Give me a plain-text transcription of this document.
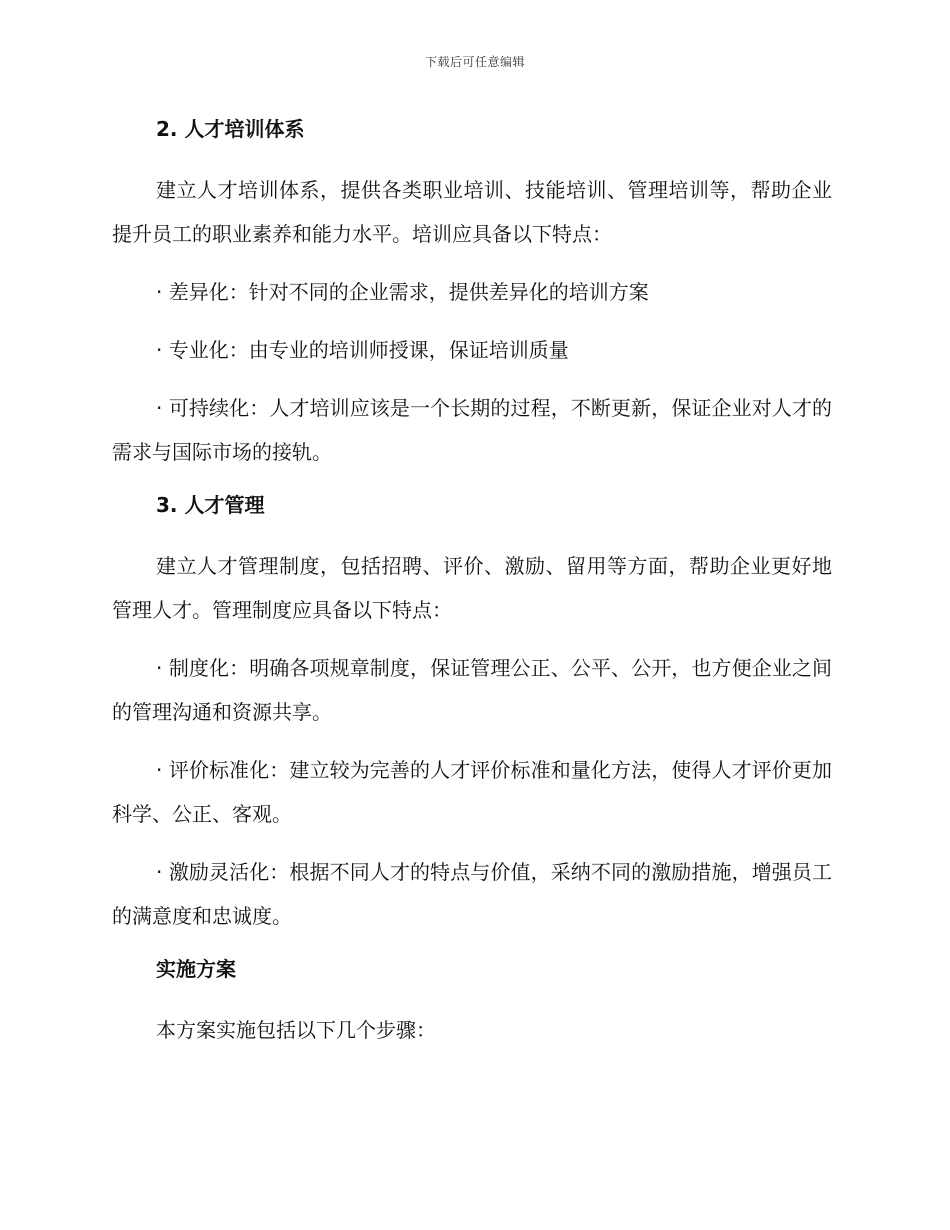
下载后可任意编辑
2. 人才培训体系

建立人才培训体系，提供各类职业培训、技能培训、管理培训等，帮助企业提升员工的职业素养和能力水平。培训应具备以下特点：

· 差异化：针对不同的企业需求，提供差异化的培训方案

· 专业化：由专业的培训师授课，保证培训质量

· 可持续化：人才培训应该是一个长期的过程，不断更新，保证企业对人才的需求与国际市场的接轨。

3. 人才管理

建立人才管理制度，包括招聘、评价、激励、留用等方面，帮助企业更好地管理人才。管理制度应具备以下特点：

· 制度化：明确各项规章制度，保证管理公正、公平、公开，也方便企业之间的管理沟通和资源共享。

· 评价标准化：建立较为完善的人才评价标准和量化方法，使得人才评价更加科学、公正、客观。

· 激励灵活化：根据不同人才的特点与价值，采纳不同的激励措施，增强员工的满意度和忠诚度。

实施方案

本方案实施包括以下几个步骤：
